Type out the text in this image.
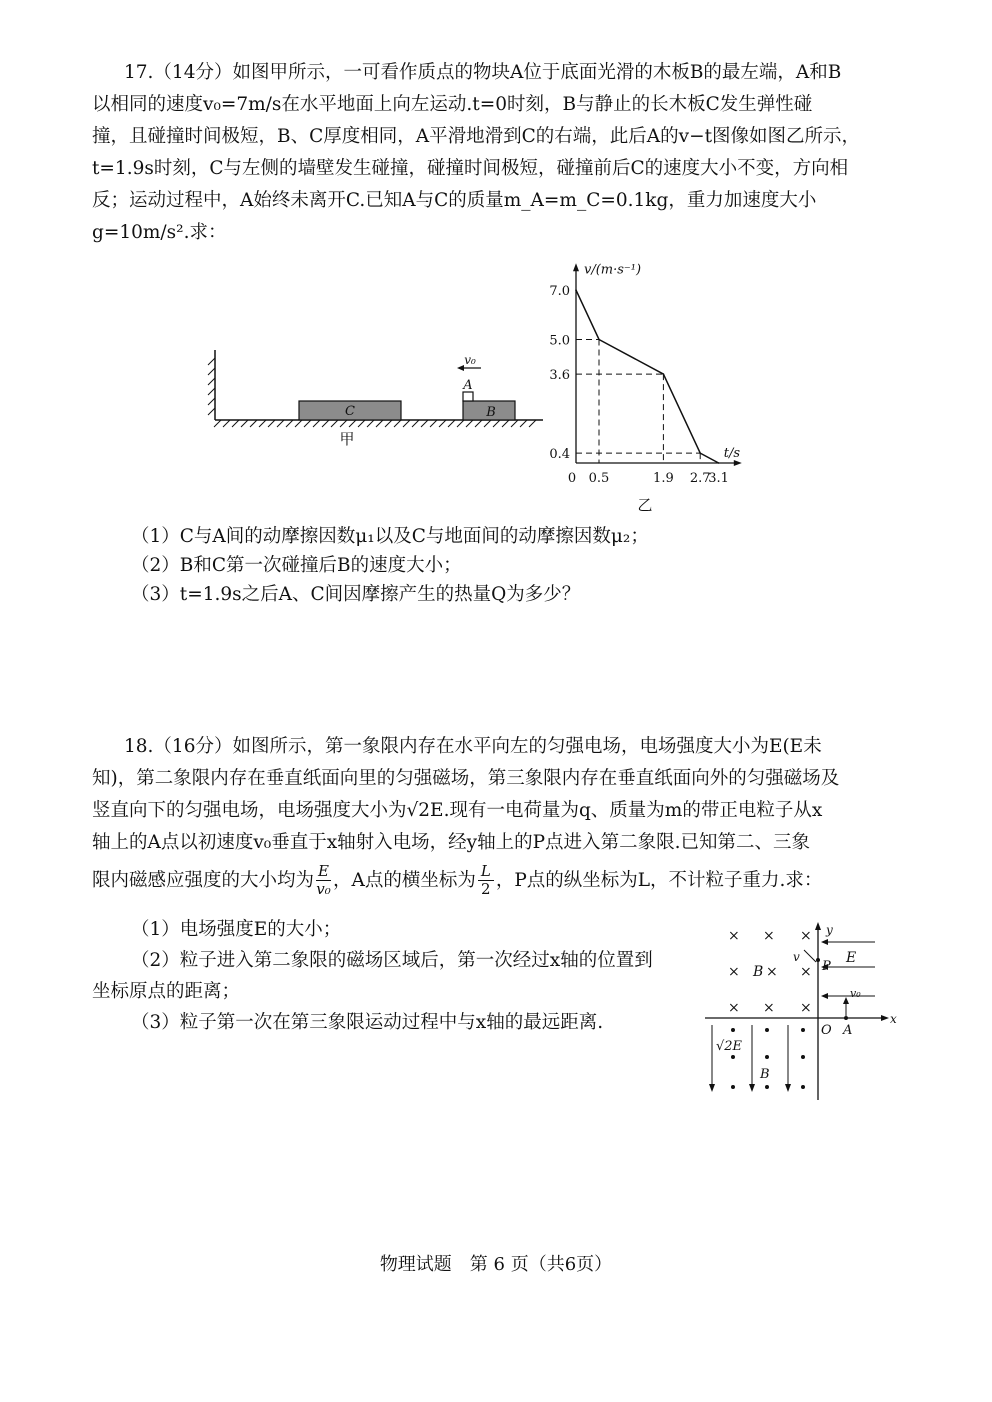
17.（14分）如图甲所示，一可看作质点的物块A位于底面光滑的木板B的最左端，A和B
以相同的速度v₀=7m/s在水平地面上向左运动.t=0时刻，B与静止的长木板C发生弹性碰
撞，且碰撞时间极短，B、C厚度相同，A平滑地滑到C的右端，此后A的v−t图像如图乙所示，
t=1.9s时刻，C与左侧的墙壁发生碰撞，碰撞时间极短，碰撞前后C的速度大小不变，方向相
反；运动过程中，A始终未离开C.已知A与C的质量m_A=m_C=0.1kg，重力加速度大小
g=10m/s².求：
C	B
A
v₀
甲
v/(m·s⁻¹)
t/s
0 0.5	1.9 2.7
3.1
0.4
3.6
5.0
7.0
乙
（1）C与A间的动摩擦因数μ₁以及C与地面间的动摩擦因数μ₂；
（2）B和C第一次碰撞后B的速度大小；
（3）t=1.9s之后A、C间因摩擦产生的热量Q为多少？
18.（16分）如图所示，第一象限内存在水平向左的匀强电场，电场强度大小为E(E未
知)，第二象限内存在垂直纸面向里的匀强磁场，第三象限内存在垂直纸面向外的匀强磁场及
竖直向下的匀强电场，电场强度大小为√2E.现有一电荷量为q、质量为m的带正电粒子从x
轴上的A点以初速度v₀垂直于x轴射入电场，经y轴上的P点进入第二象限.已知第二、三象
限内磁感应强度的大小均为 $\frac{E}{\text{v₀}}$ ，A点的横坐标为 $\frac{L}{2}$ ，P点的纵坐标为L，不计粒子重力.求：
（1）电场强度E的大小；
（2）粒子进入第二象限的磁场区域后，第一次经过x轴的位置到
坐标原点的距离；
（3）粒子第一次在第三象限运动过程中与x轴的最远距离.
y
x
O A
× × ×
× × ×
× × ×
B
E
P
v
v₀
√2E
B
物理试题　第 6 页（共6页）
